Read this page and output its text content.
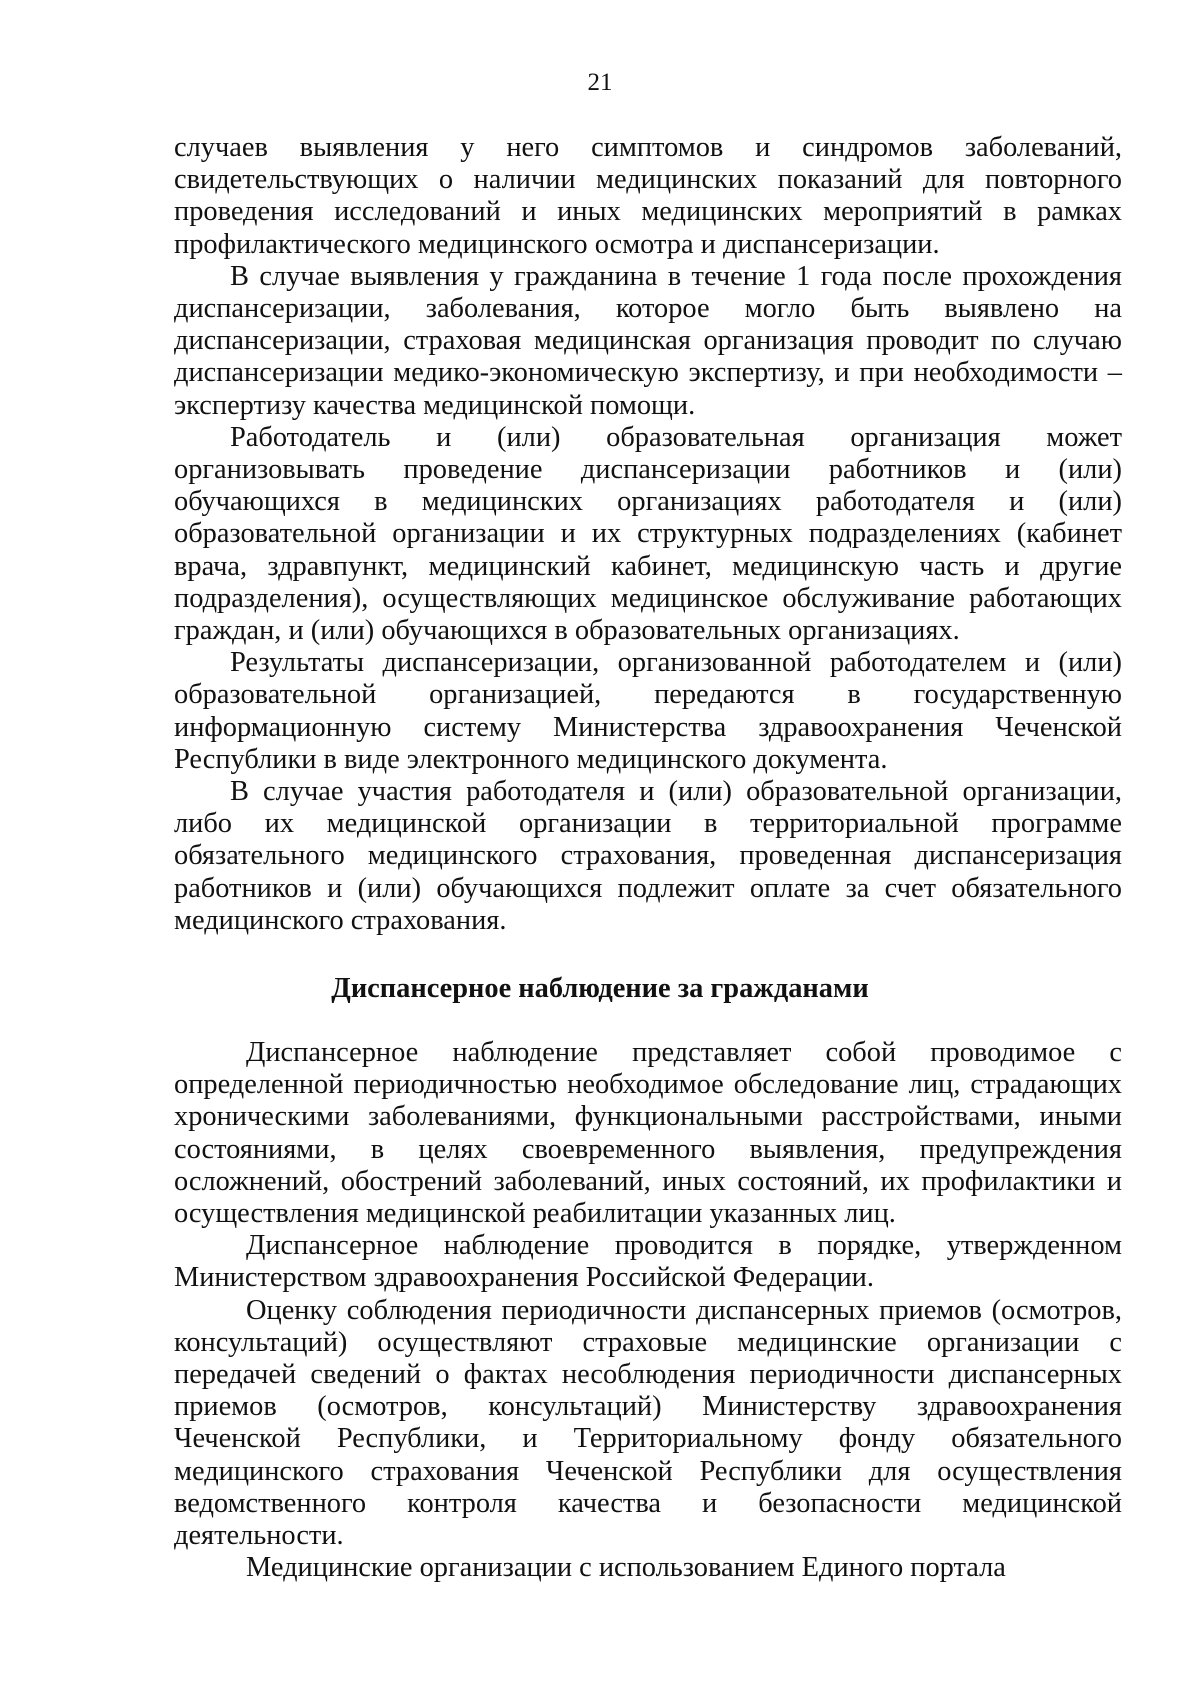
21

случаев выявления у него симптомов и синдромов заболеваний, свидетельствующих о наличии медицинских показаний для повторного проведения исследований и иных медицинских мероприятий в рамках профилактического медицинского осмотра и диспансеризации.

В случае выявления у гражданина в течение 1 года после прохождения диспансеризации, заболевания, которое могло быть выявлено на диспансеризации, страховая медицинская организация проводит по случаю диспансеризации медико-экономическую экспертизу, и при необходимости – экспертизу качества медицинской помощи.

Работодатель и (или) образовательная организация может организовывать проведение диспансеризации работников и (или) обучающихся в медицинских организациях работодателя и (или) образовательной организации и их структурных подразделениях (кабинет врача, здравпункт, медицинский кабинет, медицинскую часть и другие подразделения), осуществляющих медицинское обслуживание работающих граждан, и (или) обучающихся в образовательных организациях.

Результаты диспансеризации, организованной работодателем и (или) образовательной организацией, передаются в государственную информационную систему Министерства здравоохранения Чеченской Республики в виде электронного медицинского документа.

В случае участия работодателя и (или) образовательной организации, либо их медицинской организации в территориальной программе обязательного медицинского страхования, проведенная диспансеризация работников и (или) обучающихся подлежит оплате за счет обязательного медицинского страхования.

Диспансерное наблюдение за гражданами

Диспансерное наблюдение представляет собой проводимое с определенной периодичностью необходимое обследование лиц, страдающих хроническими заболеваниями, функциональными расстройствами, иными состояниями, в целях своевременного выявления, предупреждения осложнений, обострений заболеваний, иных состояний, их профилактики и осуществления медицинской реабилитации указанных лиц.

Диспансерное наблюдение проводится в порядке, утвержденном Министерством здравоохранения Российской Федерации.

Оценку соблюдения периодичности диспансерных приемов (осмотров, консультаций) осуществляют страховые медицинские организации с передачей сведений о фактах несоблюдения периодичности диспансерных приемов (осмотров, консультаций) Министерству здравоохранения Чеченской Республики, и Территориальному фонду обязательного медицинского страхования Чеченской Республики для осуществления ведомственного контроля качества и безопасности медицинской деятельности.

Медицинские организации с использованием Единого портала
